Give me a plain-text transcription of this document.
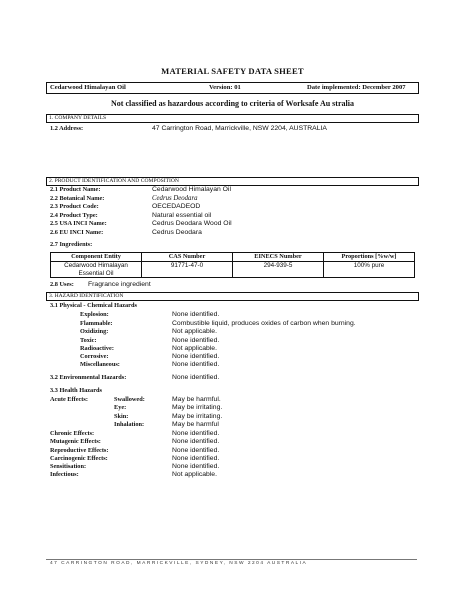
MATERIAL SAFETY DATA SHEET
Cedarwood Himalayan Oil	Version: 01	Date implemented: December 2007
Not classified as hazardous according to criteria of Worksafe Au stralia
1. COMPANY DETAILS
1.2 Address:	47 Carrington Road, Marrickville, NSW 2204, AUSTRALIA
2. PRODUCT IDENTIFICATION AND COMPOSITION
2.1 Product Name:	Cedarwood Himalayan Oil
2.2 Botanical Name:	Cedrus Deodara
2.3 Product Code:	OECEDADEOD
2.4 Product Type:	Natural essential oil
2.5 USA INCI Name:	Cedrus Deodara Wood Oil
2.6 EU INCI Name:	Cedrus Deodara
2.7 Ingredients:
Component Entity	CAS Number	EINECS Number	Proportions [%w/w]
Cedarwood Himalayan
Essential Oil	91771-47-0	294-939-5	100% pure
2.8 Uses: Fragrance ingredient
3. HAZARD IDENTIFICATION
3.1 Physical - Chemical Hazards
Explosion:	None identified.
Flammable:	Combustible liquid, produces oxides of carbon when burning.
Oxidizing:	Not applicable.
Toxic:	None identified.
Radioactive:	Not applicable.
Corrosive:	None identified.
Miscellaneous:	None identified.
3.2 Environmental Hazards:	None identified.
3.3 Health Hazards
Acute Effects:	Swallowed:	May be harmful.
Eye:	May be irritating.
Skin:	May be irritating.
Inhalation:	May be harmful
Chronic Effects:	None identified.
Mutagenic Effects:	None identified.
Reproductive Effects:	None identified.
Carcinogenic Effects:	None identified.
Sensitisation:	None identified.
Infectious:	Not applicable.
47 CARRINGTON ROAD, MARRICKVILLE, SYDNEY, NSW 2204 AUSTRALIA
